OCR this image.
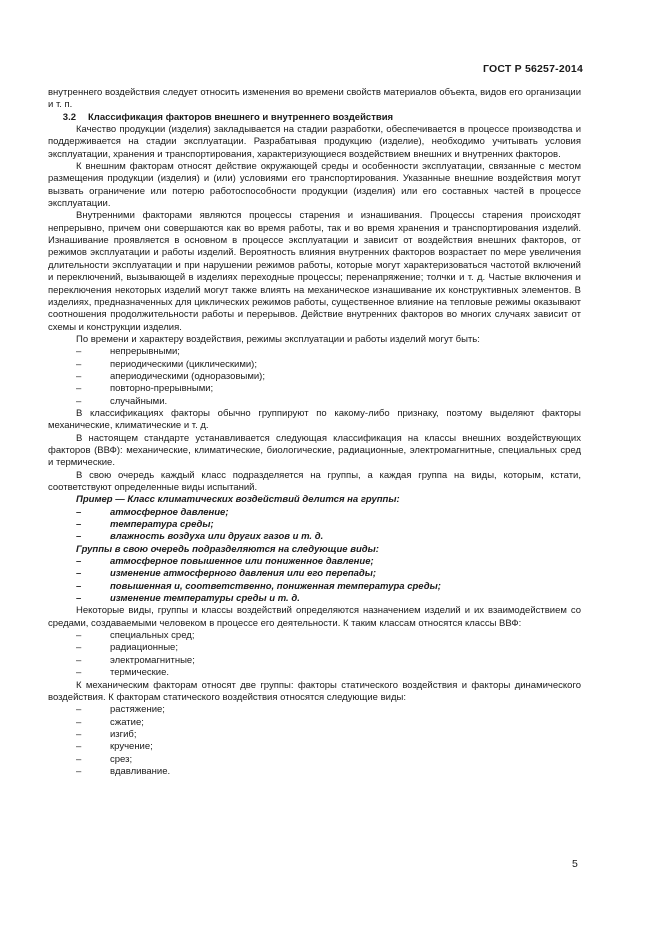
ГОСТ Р 56257-2014

внутреннего воздействия следует относить изменения во времени свойств материалов объекта, видов его организации и т. п.

3.2 Классификация факторов внешнего и внутреннего воздействия

Качество продукции (изделия) закладывается на стадии разработки, обеспечивается в процессе производства и поддерживается на стадии эксплуатации. Разрабатывая продукцию (изделие), необходимо учитывать условия эксплуатации, хранения и транспортирования, характеризующиеся воздействием внешних и внутренних факторов.

К внешним факторам относят действие окружающей среды и особенности эксплуатации, связанные с местом размещения продукции (изделия) и (или) условиями его транспортирования. Указанные внешние воздействия могут вызвать ограничение или потерю работоспособности продукции (изделия) или его составных частей в процессе эксплуатации.

Внутренними факторами являются процессы старения и изнашивания. Процессы старения происходят непрерывно, причем они совершаются как во время работы, так и во время хранения и транспортирования изделий. Изнашивание проявляется в основном в процессе эксплуатации и зависит от воздействия внешних факторов, от режимов эксплуатации и работы изделий. Вероятность влияния внутренних факторов возрастает по мере увеличения длительности эксплуатации и при нарушении режимов работы, которые могут характеризоваться частотой включений и переключений, вызывающей в изделиях переходные процессы; перенапряжение; толчки и т. д. Частые включения и переключения некоторых изделий могут также влиять на механическое изнашивание их конструктивных элементов. В изделиях, предназначенных для циклических режимов работы, существенное влияние на тепловые режимы оказывают соотношения продолжительности работы и перерывов. Действие внутренних факторов во многих случаях зависит от схемы и конструкции изделия.

По времени и характеру воздействия, режимы эксплуатации и работы изделий могут быть:

–	непрерывными;
–	периодическими (циклическими);
–	апериодическими (одноразовыми);
–	повторно-прерывными;
–	случайными.

В классификациях факторы обычно группируют по какому-либо признаку, поэтому выделяют факторы механические, климатические и т. д.

В настоящем стандарте устанавливается следующая классификация на классы внешних воздействующих факторов (ВВФ): механические, климатические, биологические, радиационные, электромагнитные, специальных сред и термические.

В свою очередь каждый класс подразделяется на группы, а каждая группа на виды, которым, кстати, соответствуют определенные виды испытаний.

Пример — Класс климатических воздействий делится на группы:

–	атмосферное давление;
–	температура среды;
–	влажность воздуха или других газов и т. д.

Группы в свою очередь подразделяются на следующие виды:

–	атмосферное повышенное или пониженное давление;
–	изменение атмосферного давления или его перепады;
–	повышенная и, соответственно, пониженная температура среды;
–	изменение температуры среды и т. д.

Некоторые виды, группы и классы воздействий определяются назначением изделий и их взаимодействием со средами, создаваемыми человеком в процессе его деятельности. К таким классам относятся классы ВВФ:

–	специальных сред;
–	радиационные;
–	электромагнитные;
–	термические.

К механическим факторам относят две группы: факторы статического воздействия и факторы динамического воздействия. К факторам статического воздействия относятся следующие виды:

–	растяжение;
–	сжатие;
–	изгиб;
–	кручение;
–	срез;
–	вдавливание.
5
